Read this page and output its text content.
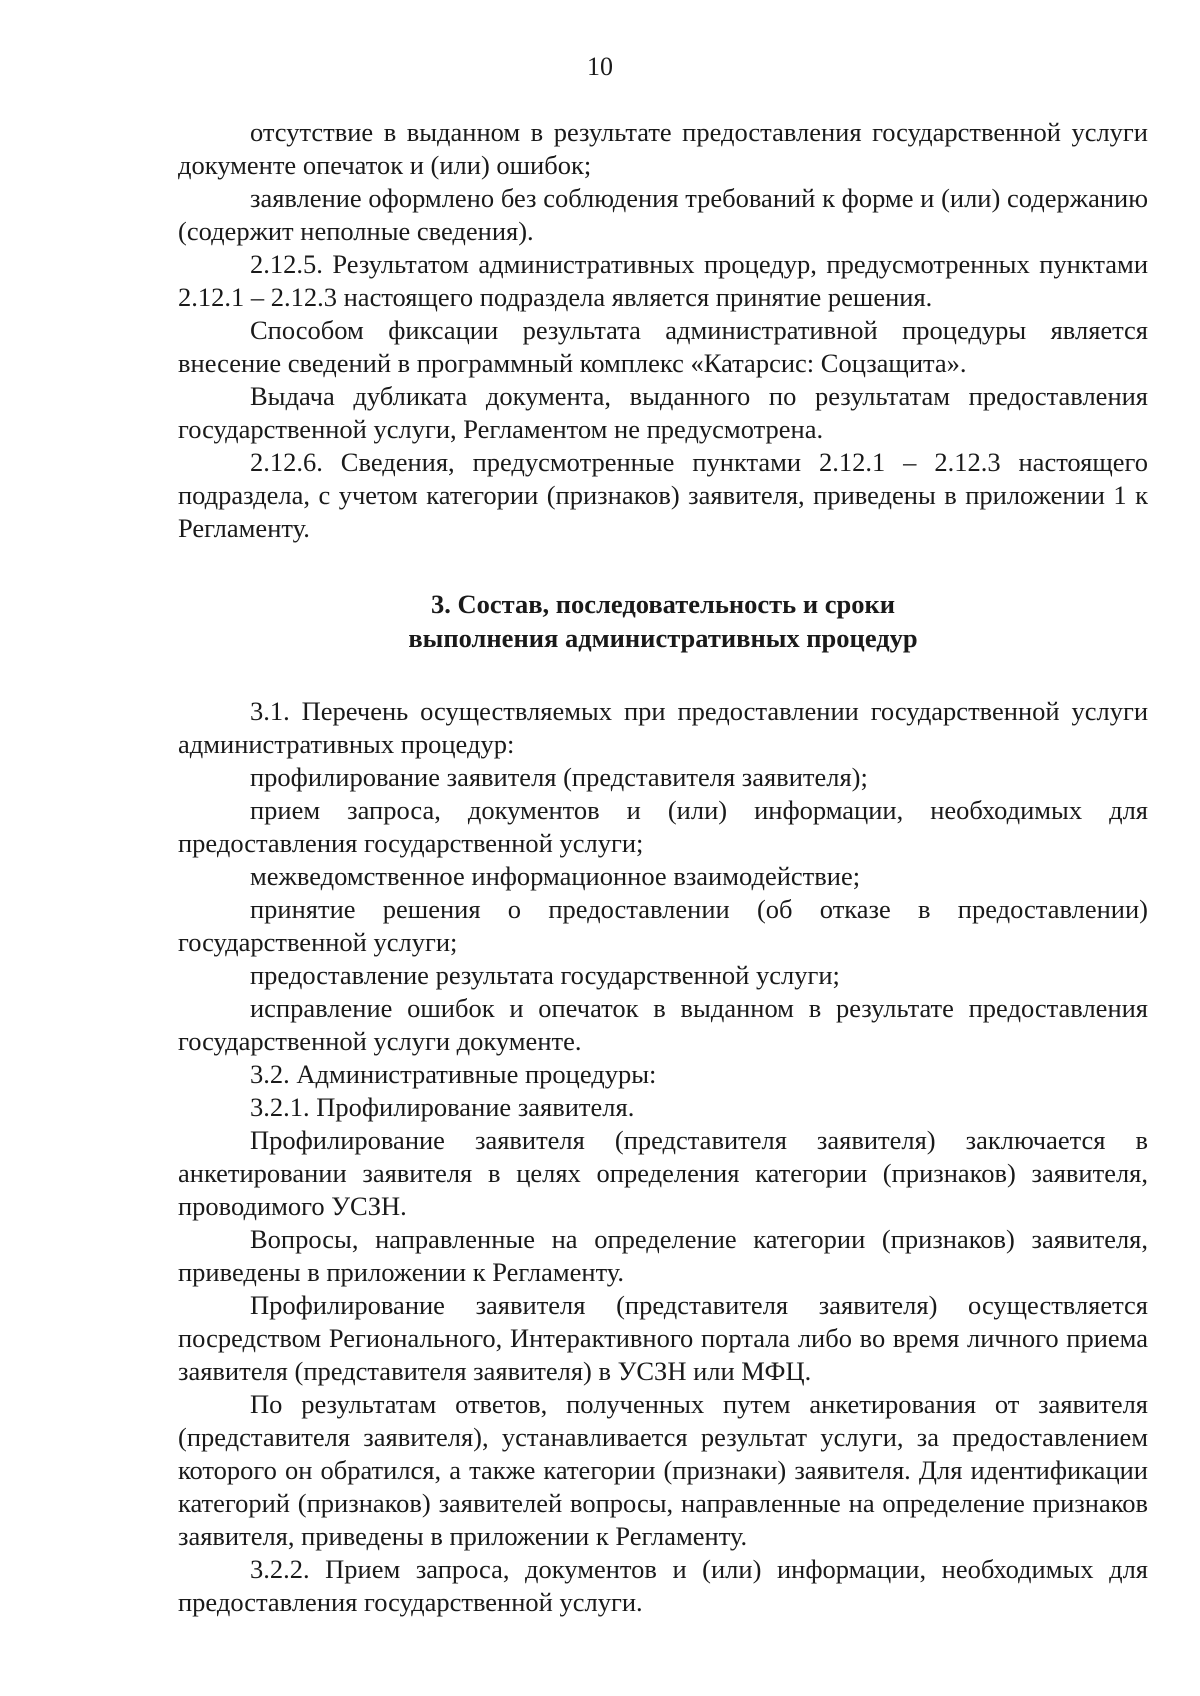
10

отсутствие в выданном в результате предоставления государственной услуги документе опечаток и (или) ошибок;

заявление оформлено без соблюдения требований к форме и (или) содержанию (содержит неполные сведения).

2.12.5. Результатом административных процедур, предусмотренных пунктами 2.12.1 – 2.12.3 настоящего подраздела является принятие решения.

Способом фиксации результата административной процедуры является внесение сведений в программный комплекс «Катарсис: Соцзащита».

Выдача дубликата документа, выданного по результатам предоставления государственной услуги, Регламентом не предусмотрена.

2.12.6. Сведения, предусмотренные пунктами 2.12.1 – 2.12.3 настоящего подраздела, с учетом категории (признаков) заявителя, приведены в приложении 1 к Регламенту.

3. Состав, последовательность и сроки
выполнения административных процедур

3.1. Перечень осуществляемых при предоставлении государственной услуги административных процедур:

профилирование заявителя (представителя заявителя);

прием запроса, документов и (или) информации, необходимых для предоставления государственной услуги;

межведомственное информационное взаимодействие;

принятие решения о предоставлении (об отказе в предоставлении) государственной услуги;

предоставление результата государственной услуги;

исправление ошибок и опечаток в выданном в результате предоставления государственной услуги документе.

3.2. Административные процедуры:

3.2.1. Профилирование заявителя.

Профилирование заявителя (представителя заявителя) заключается в анкетировании заявителя в целях определения категории (признаков) заявителя, проводимого УСЗН.

Вопросы, направленные на определение категории (признаков) заявителя, приведены в приложении к Регламенту.

Профилирование заявителя (представителя заявителя) осуществляется посредством Регионального, Интерактивного портала либо во время личного приема заявителя (представителя заявителя) в УСЗН или МФЦ.

По результатам ответов, полученных путем анкетирования от заявителя (представителя заявителя), устанавливается результат услуги, за предоставлением которого он обратился, а также категории (признаки) заявителя. Для идентификации категорий (признаков) заявителей вопросы, направленные на определение признаков заявителя, приведены в приложении к Регламенту.

3.2.2. Прием запроса, документов и (или) информации, необходимых для предоставления государственной услуги.
